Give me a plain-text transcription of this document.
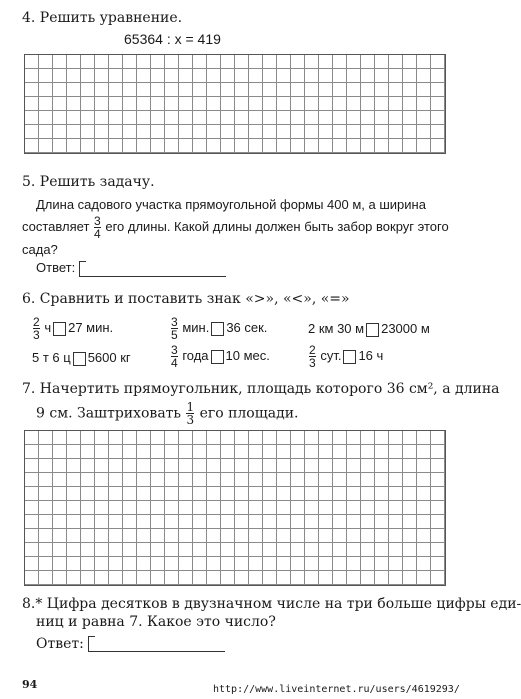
4. Решить уравнение.
65364 : x = 419
5. Решить задачу.
Длина садового участка прямоугольной формы 400 м, а ширина
составляет $\frac{3}{4}$ его длины. Какой длины должен быть забор вокруг этого
сада?
Ответ:
6. Сравнить и поставить знак «>», «<», «=»
$\frac{2}{3}$ ч 27 мин.	$\frac{3}{5}$ мин. 36 сек.	2 км 30 м 23000 м
5 т 6 ц 5600 кг	$\frac{3}{4}$ года 10 мес.	$\frac{2}{3}$ сут. 16 ч
7. Начертить прямоугольник, площадь которого 36 см², а длина
9 см. Заштриховать $\frac{1}{3}$ его площади.
8.* Цифра десятков в двузначном числе на три больше цифры еди-
ниц и равна 7. Какое это число?
Ответ:
94	http://www.liveinternet.ru/users/4619293/
